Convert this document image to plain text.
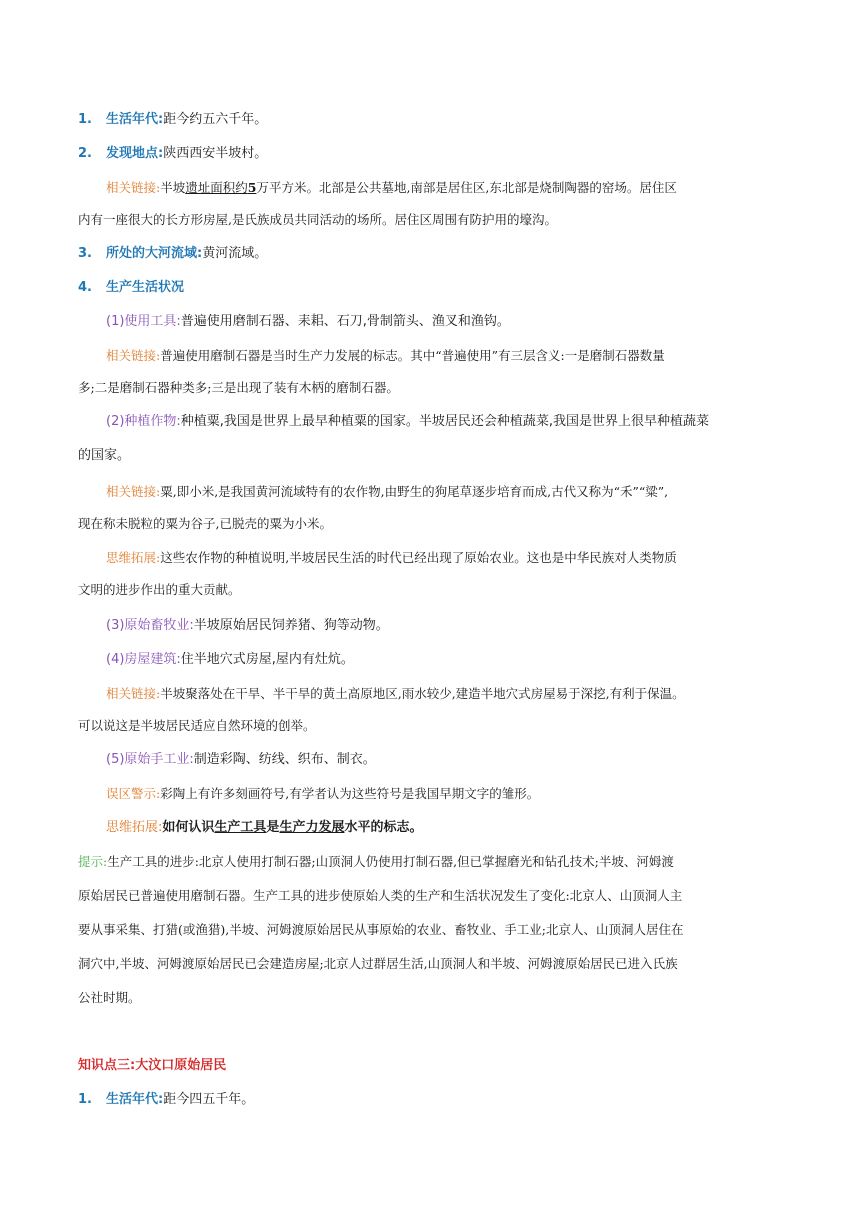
1. 生活年代:距今约五六千年。
2. 发现地点:陕西西安半坡村。
相关链接:半坡遗址面积约5万平方米。北部是公共墓地,南部是居住区,东北部是烧制陶器的窑场。居住区
内有一座很大的长方形房屋,是氏族成员共同活动的场所。居住区周围有防护用的壕沟。
3. 所处的大河流域:黄河流域。
4. 生产生活状况
(1)使用工具:普遍使用磨制石器、耒耜、石刀,骨制箭头、渔叉和渔钩。
相关链接:普遍使用磨制石器是当时生产力发展的标志。其中“普遍使用”有三层含义:一是磨制石器数量
多;二是磨制石器种类多;三是出现了装有木柄的磨制石器。
(2)种植作物:种植粟,我国是世界上最早种植粟的国家。半坡居民还会种植蔬菜,我国是世界上很早种植蔬菜
的国家。
相关链接:粟,即小米,是我国黄河流域特有的农作物,由野生的狗尾草逐步培育而成,古代又称为“禾”“粱”,
现在称未脱粒的粟为谷子,已脱壳的粟为小米。
思维拓展:这些农作物的种植说明,半坡居民生活的时代已经出现了原始农业。这也是中华民族对人类物质
文明的进步作出的重大贡献。
(3)原始畜牧业:半坡原始居民饲养猪、狗等动物。
(4)房屋建筑:住半地穴式房屋,屋内有灶炕。
相关链接:半坡聚落处在干旱、半干旱的黄土高原地区,雨水较少,建造半地穴式房屋易于深挖,有利于保温。
可以说这是半坡居民适应自然环境的创举。
(5)原始手工业:制造彩陶、纺线、织布、制衣。
误区警示:彩陶上有许多刻画符号,有学者认为这些符号是我国早期文字的雏形。
思维拓展:如何认识生产工具是生产力发展水平的标志。
提示:生产工具的进步:北京人使用打制石器;山顶洞人仍使用打制石器,但已掌握磨光和钻孔技术;半坡、河姆渡
原始居民已普遍使用磨制石器。生产工具的进步使原始人类的生产和生活状况发生了变化:北京人、山顶洞人主
要从事采集、打猎(或渔猎),半坡、河姆渡原始居民从事原始的农业、畜牧业、手工业;北京人、山顶洞人居住在
洞穴中,半坡、河姆渡原始居民已会建造房屋;北京人过群居生活,山顶洞人和半坡、河姆渡原始居民已进入氏族
公社时期。
知识点三:大汶口原始居民
1. 生活年代:距今四五千年。
